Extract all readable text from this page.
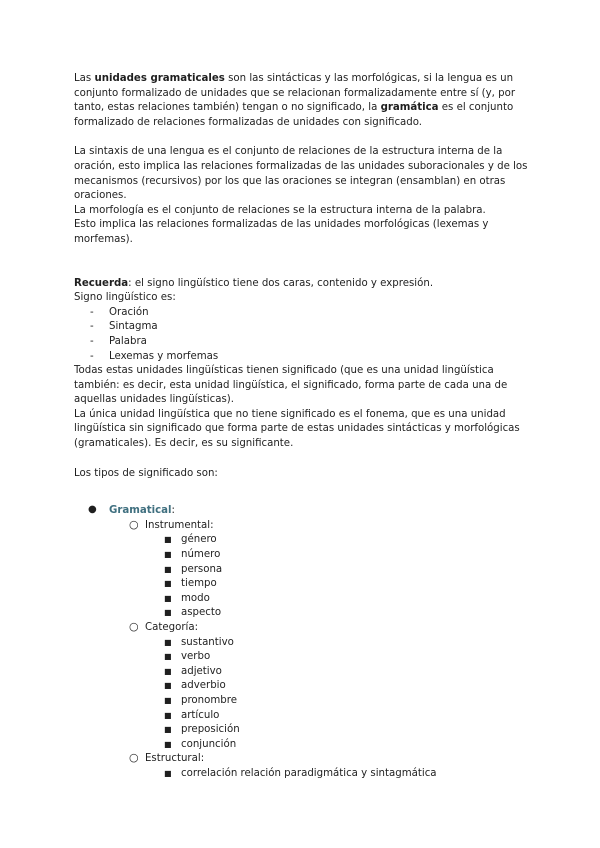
Las unidades gramaticales son las sintácticas y las morfológicas, si la lengua es un conjunto formalizado de unidades que se relacionan formalizadamente entre sí (y, por tanto, estas relaciones también) tengan o no significado, la gramática es el conjunto formalizado de relaciones formalizadas de unidades con significado.

La sintaxis de una lengua es el conjunto de relaciones de la estructura interna de la oración, esto implica las relaciones formalizadas de las unidades suboracionales y de los mecanismos (recursivos) por los que las oraciones se integran (ensamblan) en otras oraciones.

La morfología es el conjunto de relaciones se la estructura interna de la palabra.

Esto implica las relaciones formalizadas de las unidades morfológicas (lexemas y morfemas).

Recuerda: el signo lingüístico tiene dos caras, contenido y expresión.

Signo lingüístico es:

- Oración
- Sintagma
- Palabra
- Lexemas y morfemas

Todas estas unidades lingüísticas tienen significado (que es una unidad lingüística también: es decir, esta unidad lingüística, el significado, forma parte de cada una de aquellas unidades lingüísticas).

La única unidad lingüística que no tiene significado es el fonema, que es una unidad lingüística sin significado que forma parte de estas unidades sintácticas y morfológicas (gramaticales). Es decir, es su significante.

Los tipos de significado son:

● Gramatical:
○ Instrumental:
■ género
■ número
■ persona
■ tiempo
■ modo
■ aspecto
○ Categoría:
■ sustantivo
■ verbo
■ adjetivo
■ adverbio
■ pronombre
■ artículo
■ preposición
■ conjunción
○ Estructural:
■ correlación relación paradigmática y sintagmática
